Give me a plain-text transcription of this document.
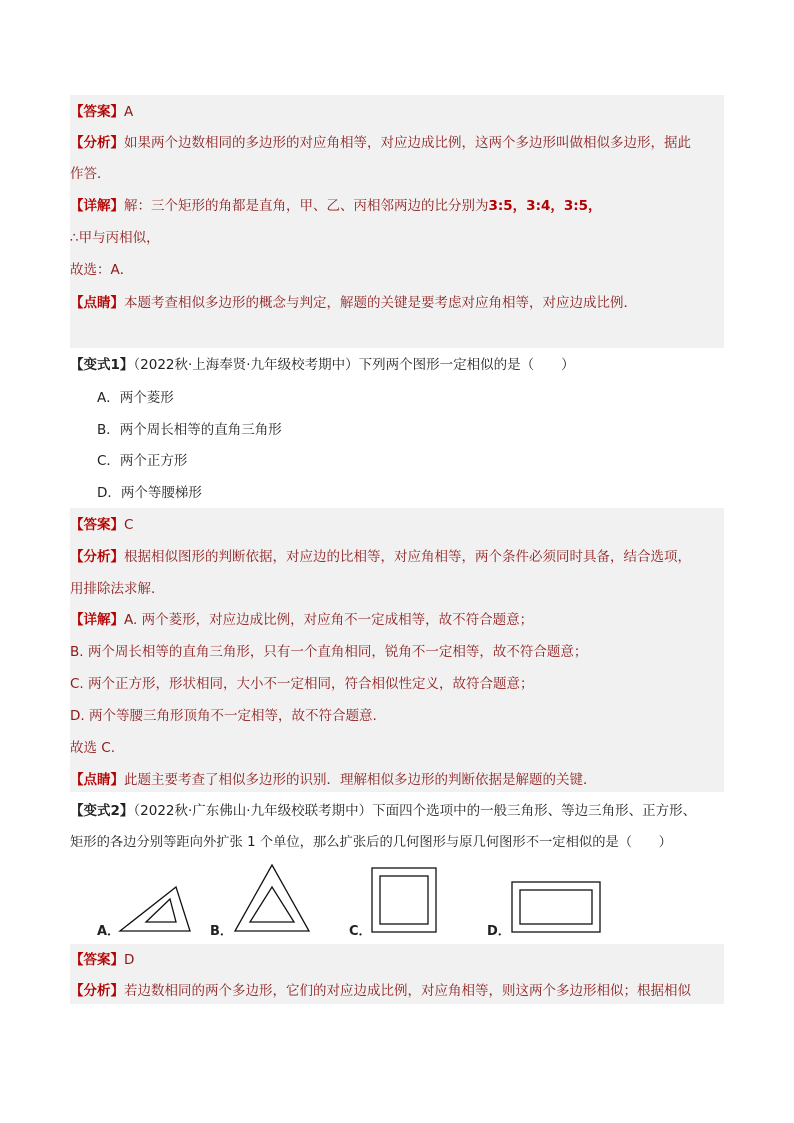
【答案】A
【分析】如果两个边数相同的多边形的对应角相等，对应边成比例，这两个多边形叫做相似多边形，据此
作答．
【详解】解：三个矩形的角都是直角，甲、乙、丙相邻两边的比分别为3:5，3:4，3:5，
∴甲与丙相似，
故选：A．
【点睛】本题考查相似多边形的概念与判定，解题的关键是要考虑对应角相等，对应边成比例．
【变式1】（2022秋·上海奉贤·九年级校考期中）下列两个图形一定相似的是（　　）
A．两个菱形
B．两个周长相等的直角三角形
C．两个正方形
D．两个等腰梯形
【答案】C
【分析】根据相似图形的判断依据，对应边的比相等，对应角相等，两个条件必须同时具备，结合选项，
用排除法求解．
【详解】A. 两个菱形，对应边成比例，对应角不一定成相等，故不符合题意；
B. 两个周长相等的直角三角形，只有一个直角相同，锐角不一定相等，故不符合题意；
C. 两个正方形，形状相同，大小不一定相同，符合相似性定义，故符合题意；
D. 两个等腰三角形顶角不一定相等，故不符合题意.
故选 C.
【点睛】此题主要考查了相似多边形的识别．理解相似多边形的判断依据是解题的关键．
【变式2】（2022秋·广东佛山·九年级校联考期中）下面四个选项中的一般三角形、等边三角形、正方形、
矩形的各边分别等距向外扩张 1 个单位，那么扩张后的几何图形与原几何图形不一定相似的是（　　）
A．	B．	C．	D．
【答案】D
【分析】若边数相同的两个多边形，它们的对应边成比例，对应角相等，则这两个多边形相似；根据相似
